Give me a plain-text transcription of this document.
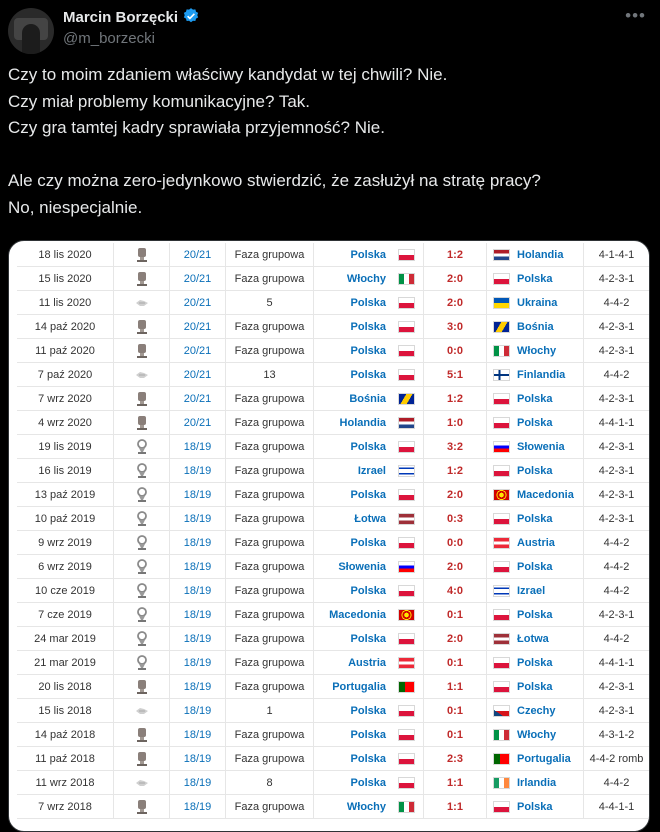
Marcin Borzęcki
@m_borzecki
•••
Czy to moim zdaniem właściwy kandydat w tej chwili? Nie.
Czy miał problemy komunikacyjne? Tak.
Czy gra tamtej kadry sprawiała przyjemność? Nie.
Ale czy można zero-jedynkowo stwierdzić, że zasłużył na stratę pracy?
No, niespecjalnie.
18 lis 2020		20/21	Faza grupowa	Polska		1:2		Holandia	4-1-4-1
15 lis 2020		20/21	Faza grupowa	Włochy		2:0		Polska	4-2-3-1
11 lis 2020		20/21	5	Polska		2:0		Ukraina	4-4-2
14 paź 2020		20/21	Faza grupowa	Polska		3:0		Bośnia	4-2-3-1
11 paź 2020		20/21	Faza grupowa	Polska		0:0		Włochy	4-2-3-1
7 paź 2020		20/21	13	Polska		5:1		Finlandia	4-4-2
7 wrz 2020		20/21	Faza grupowa	Bośnia		1:2		Polska	4-2-3-1
4 wrz 2020		20/21	Faza grupowa	Holandia		1:0		Polska	4-4-1-1
19 lis 2019		18/19	Faza grupowa	Polska		3:2		Słowenia	4-2-3-1
16 lis 2019		18/19	Faza grupowa	Izrael		1:2		Polska	4-2-3-1
13 paź 2019		18/19	Faza grupowa	Polska		2:0		Macedonia	4-2-3-1
10 paź 2019		18/19	Faza grupowa	Łotwa		0:3		Polska	4-2-3-1
9 wrz 2019		18/19	Faza grupowa	Polska		0:0		Austria	4-4-2
6 wrz 2019		18/19	Faza grupowa	Słowenia		2:0		Polska	4-4-2
10 cze 2019		18/19	Faza grupowa	Polska		4:0		Izrael	4-4-2
7 cze 2019		18/19	Faza grupowa	Macedonia		0:1		Polska	4-2-3-1
24 mar 2019		18/19	Faza grupowa	Polska		2:0		Łotwa	4-4-2
21 mar 2019		18/19	Faza grupowa	Austria		0:1		Polska	4-4-1-1
20 lis 2018		18/19	Faza grupowa	Portugalia		1:1		Polska	4-2-3-1
15 lis 2018		18/19	1	Polska		0:1		Czechy	4-2-3-1
14 paź 2018		18/19	Faza grupowa	Polska		0:1		Włochy	4-3-1-2
11 paź 2018		18/19	Faza grupowa	Polska		2:3		Portugalia	4-4-2 romb
11 wrz 2018		18/19	8	Polska		1:1		Irlandia	4-4-2
7 wrz 2018		18/19	Faza grupowa	Włochy		1:1		Polska	4-4-1-1
